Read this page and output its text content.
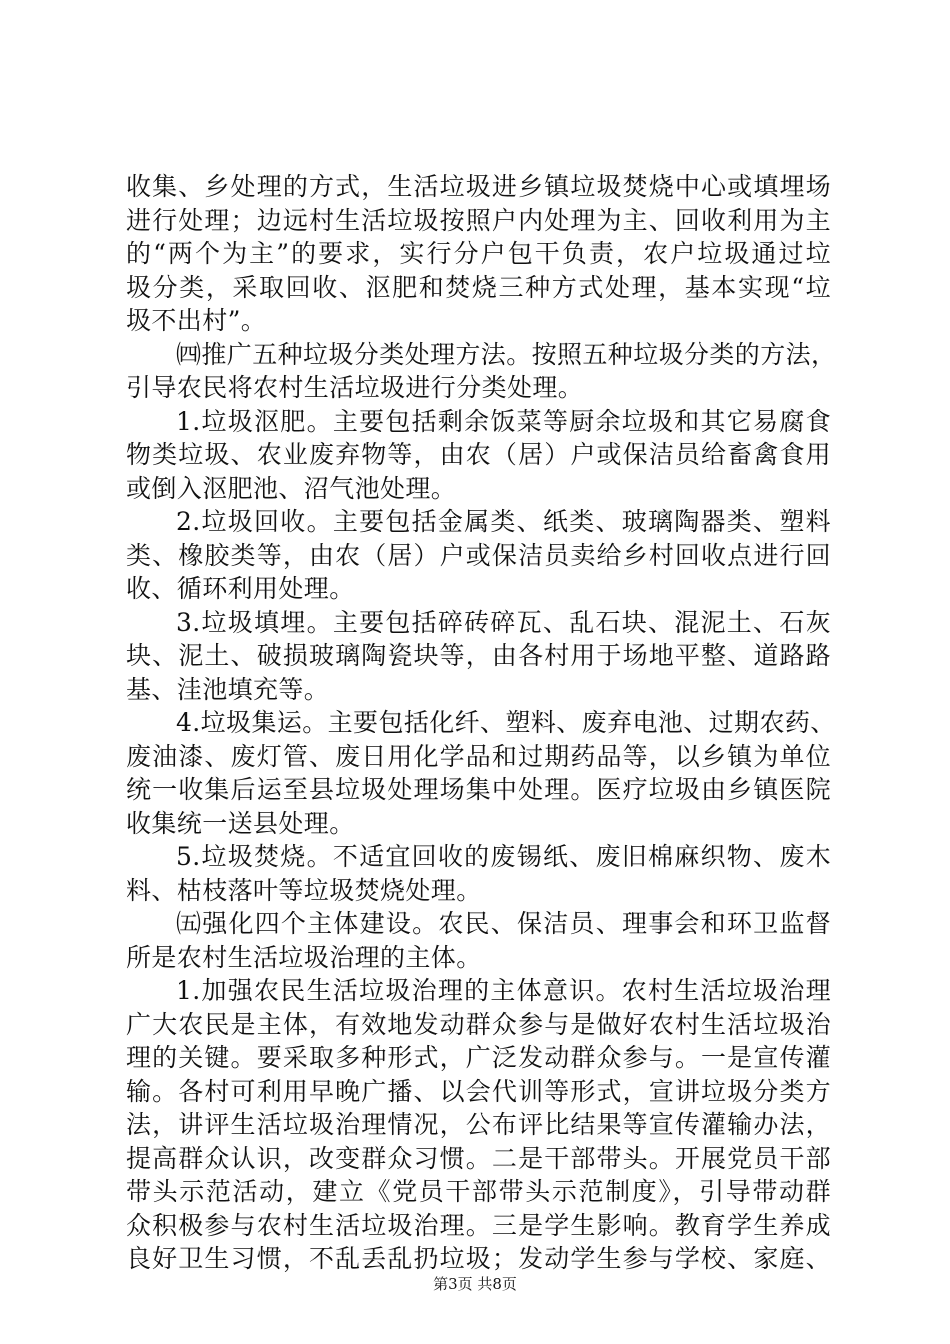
收集、乡处理的方式，生活垃圾进乡镇垃圾焚烧中心或填埋场
进行处理；边远村生活垃圾按照户内处理为主、回收利用为主
的“两个为主”的要求，实行分户包干负责，农户垃圾通过垃
圾分类，采取回收、沤肥和焚烧三种方式处理，基本实现“垃
圾不出村”。
㈣推广五种垃圾分类处理方法。按照五种垃圾分类的方法，
引导农民将农村生活垃圾进行分类处理。
1.垃圾沤肥。主要包括剩余饭菜等厨余垃圾和其它易腐食
物类垃圾、农业废弃物等，由农（居）户或保洁员给畜禽食用
或倒入沤肥池、沼气池处理。
2.垃圾回收。主要包括金属类、纸类、玻璃陶器类、塑料
类、橡胶类等，由农（居）户或保洁员卖给乡村回收点进行回
收、循环利用处理。
3.垃圾填埋。主要包括碎砖碎瓦、乱石块、混泥土、石灰
块、泥土、破损玻璃陶瓷块等，由各村用于场地平整、道路路
基、洼池填充等。
4.垃圾集运。主要包括化纤、塑料、废弃电池、过期农药、
废油漆、废灯管、废日用化学品和过期药品等，以乡镇为单位
统一收集后运至县垃圾处理场集中处理。医疗垃圾由乡镇医院
收集统一送县处理。
5.垃圾焚烧。不适宜回收的废锡纸、废旧棉麻织物、废木
料、枯枝落叶等垃圾焚烧处理。
㈤强化四个主体建设。农民、保洁员、理事会和环卫监督
所是农村生活垃圾治理的主体。
1.加强农民生活垃圾治理的主体意识。农村生活垃圾治理
广大农民是主体，有效地发动群众参与是做好农村生活垃圾治
理的关键。要采取多种形式，广泛发动群众参与。一是宣传灌
输。各村可利用早晚广播、以会代训等形式，宣讲垃圾分类方
法，讲评生活垃圾治理情况，公布评比结果等宣传灌输办法，
提高群众认识，改变群众习惯。二是干部带头。开展党员干部
带头示范活动，建立《党员干部带头示范制度》，引导带动群
众积极参与农村生活垃圾治理。三是学生影响。教育学生养成
良好卫生习惯，不乱丢乱扔垃圾；发动学生参与学校、家庭、
第3页 共8页
